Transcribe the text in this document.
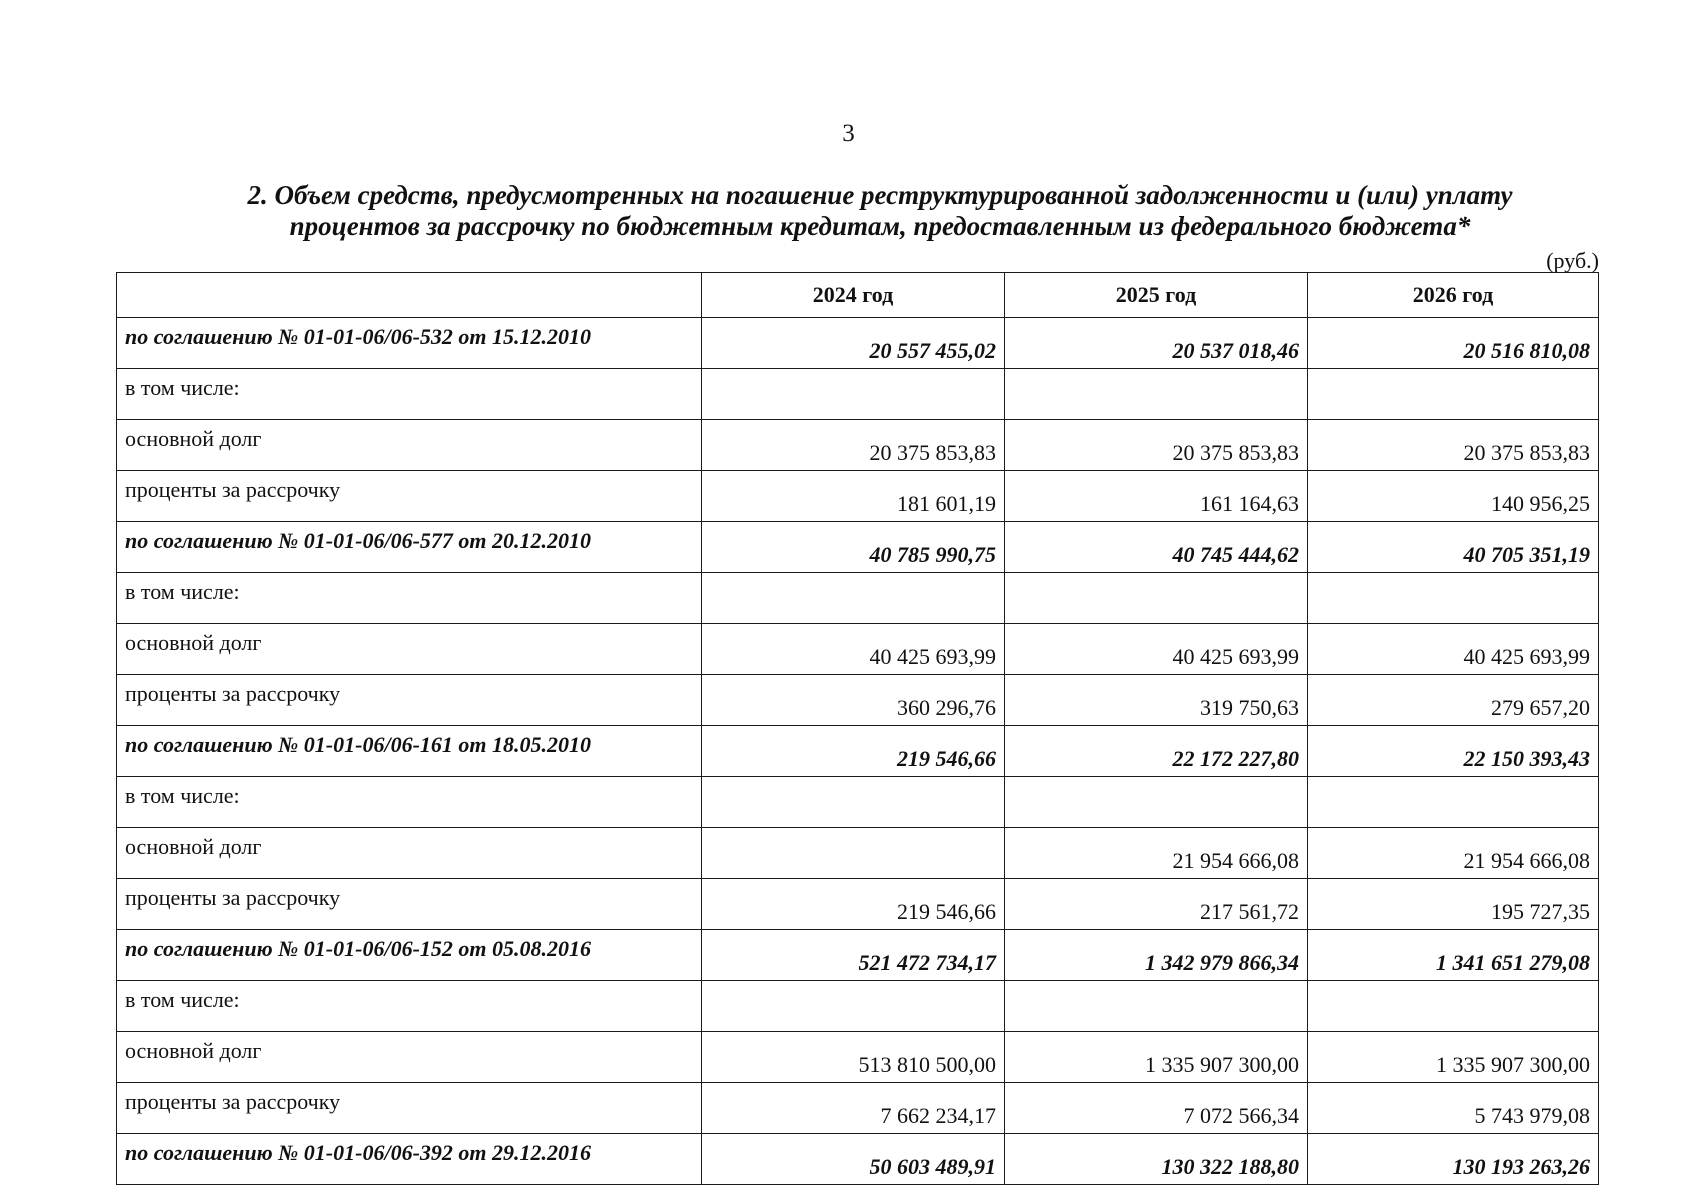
3
2. Объем средств, предусмотренных на погашение реструктурированной задолженности и (или) уплату
процентов за рассрочку по бюджетным кредитам, предоставленным из федерального бюджета*
(руб.)
	2024 год	2025 год	2026 год
по соглашению № 01-01-06/06-532 от 15.12.2010	20 557 455,02	20 537 018,46	20 516 810,08
в том числе:			
основной долг	20 375 853,83	20 375 853,83	20 375 853,83
проценты за рассрочку	181 601,19	161 164,63	140 956,25
по соглашению № 01-01-06/06-577 от 20.12.2010	40 785 990,75	40 745 444,62	40 705 351,19
в том числе:			
основной долг	40 425 693,99	40 425 693,99	40 425 693,99
проценты за рассрочку	360 296,76	319 750,63	279 657,20
по соглашению № 01-01-06/06-161 от 18.05.2010	219 546,66	22 172 227,80	22 150 393,43
в том числе:			
основной долг		21 954 666,08	21 954 666,08
проценты за рассрочку	219 546,66	217 561,72	195 727,35
по соглашению № 01-01-06/06-152 от 05.08.2016	521 472 734,17	1 342 979 866,34	1 341 651 279,08
в том числе:			
основной долг	513 810 500,00	1 335 907 300,00	1 335 907 300,00
проценты за рассрочку	7 662 234,17	7 072 566,34	5 743 979,08
по соглашению № 01-01-06/06-392 от 29.12.2016	50 603 489,91	130 322 188,80	130 193 263,26
